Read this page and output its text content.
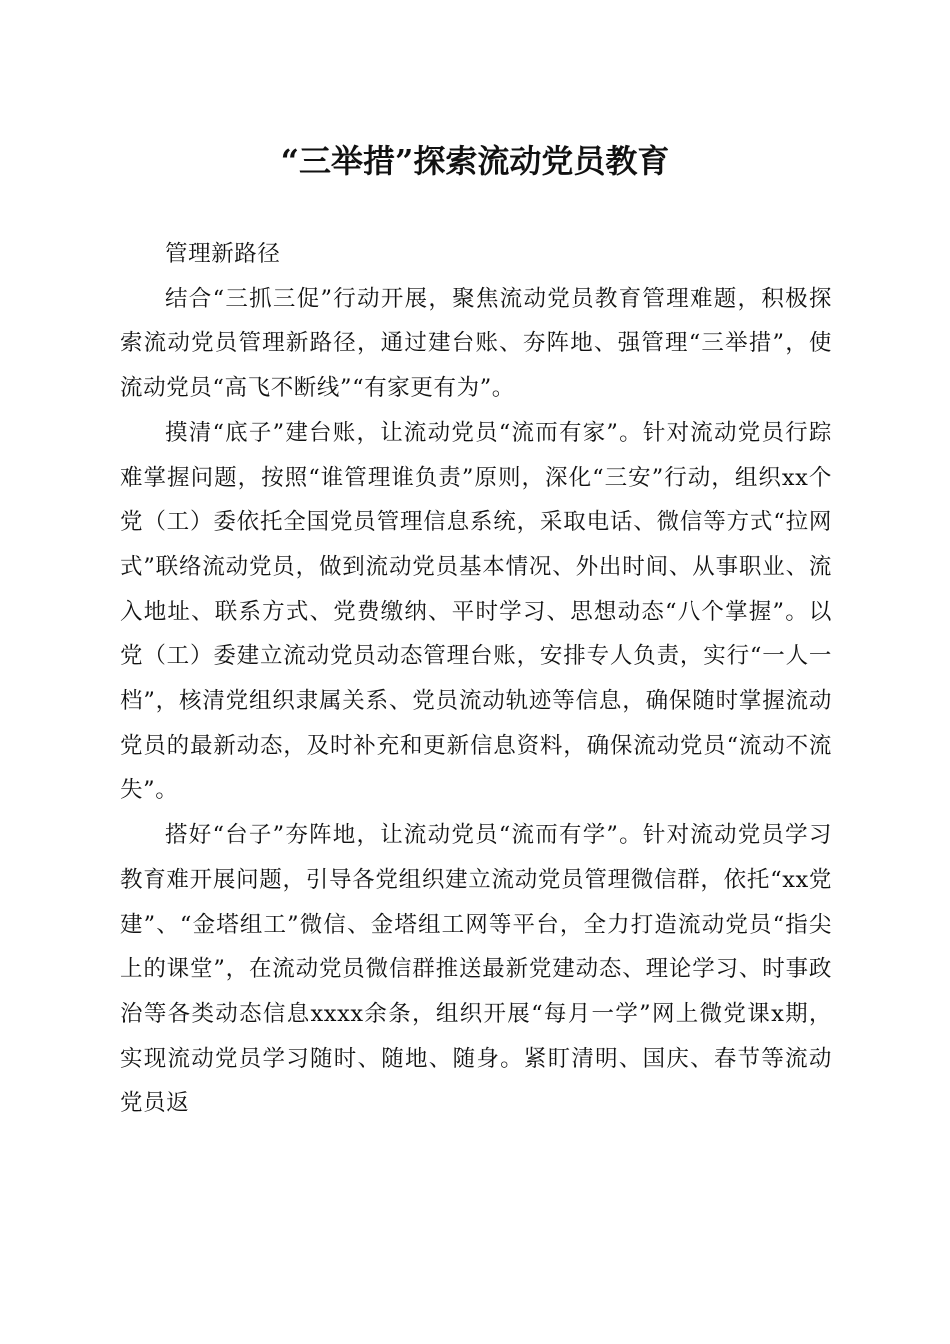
“三举措”探索流动党员教育

管理新路径

结合“三抓三促”行动开展，聚焦流动党员教育管理难题，积极探索流动党员管理新路径，通过建台账、夯阵地、强管理“三举措”，使流动党员“高飞不断线”“有家更有为”。

摸清“底子”建台账，让流动党员“流而有家”。针对流动党员行踪难掌握问题，按照“谁管理谁负责”原则，深化“三安”行动，组织xx个党（工）委依托全国党员管理信息系统，采取电话、微信等方式“拉网式”联络流动党员，做到流动党员基本情况、外出时间、从事职业、流入地址、联系方式、党费缴纳、平时学习、思想动态“八个掌握”。以党（工）委建立流动党员动态管理台账，安排专人负责，实行“一人一档”，核清党组织隶属关系、党员流动轨迹等信息，确保随时掌握流动党员的最新动态，及时补充和更新信息资料，确保流动党员“流动不流失”。

搭好“台子”夯阵地，让流动党员“流而有学”。针对流动党员学习教育难开展问题，引导各党组织建立流动党员管理微信群，依托“xx党建”、“金塔组工”微信、金塔组工网等平台，全力打造流动党员“指尖上的课堂”，在流动党员微信群推送最新党建动态、理论学习、时事政治等各类动态信息xxxx余条，组织开展“每月一学”网上微党课x期，实现流动党员学习随时、随地、随身。紧盯清明、国庆、春节等流动党员返
